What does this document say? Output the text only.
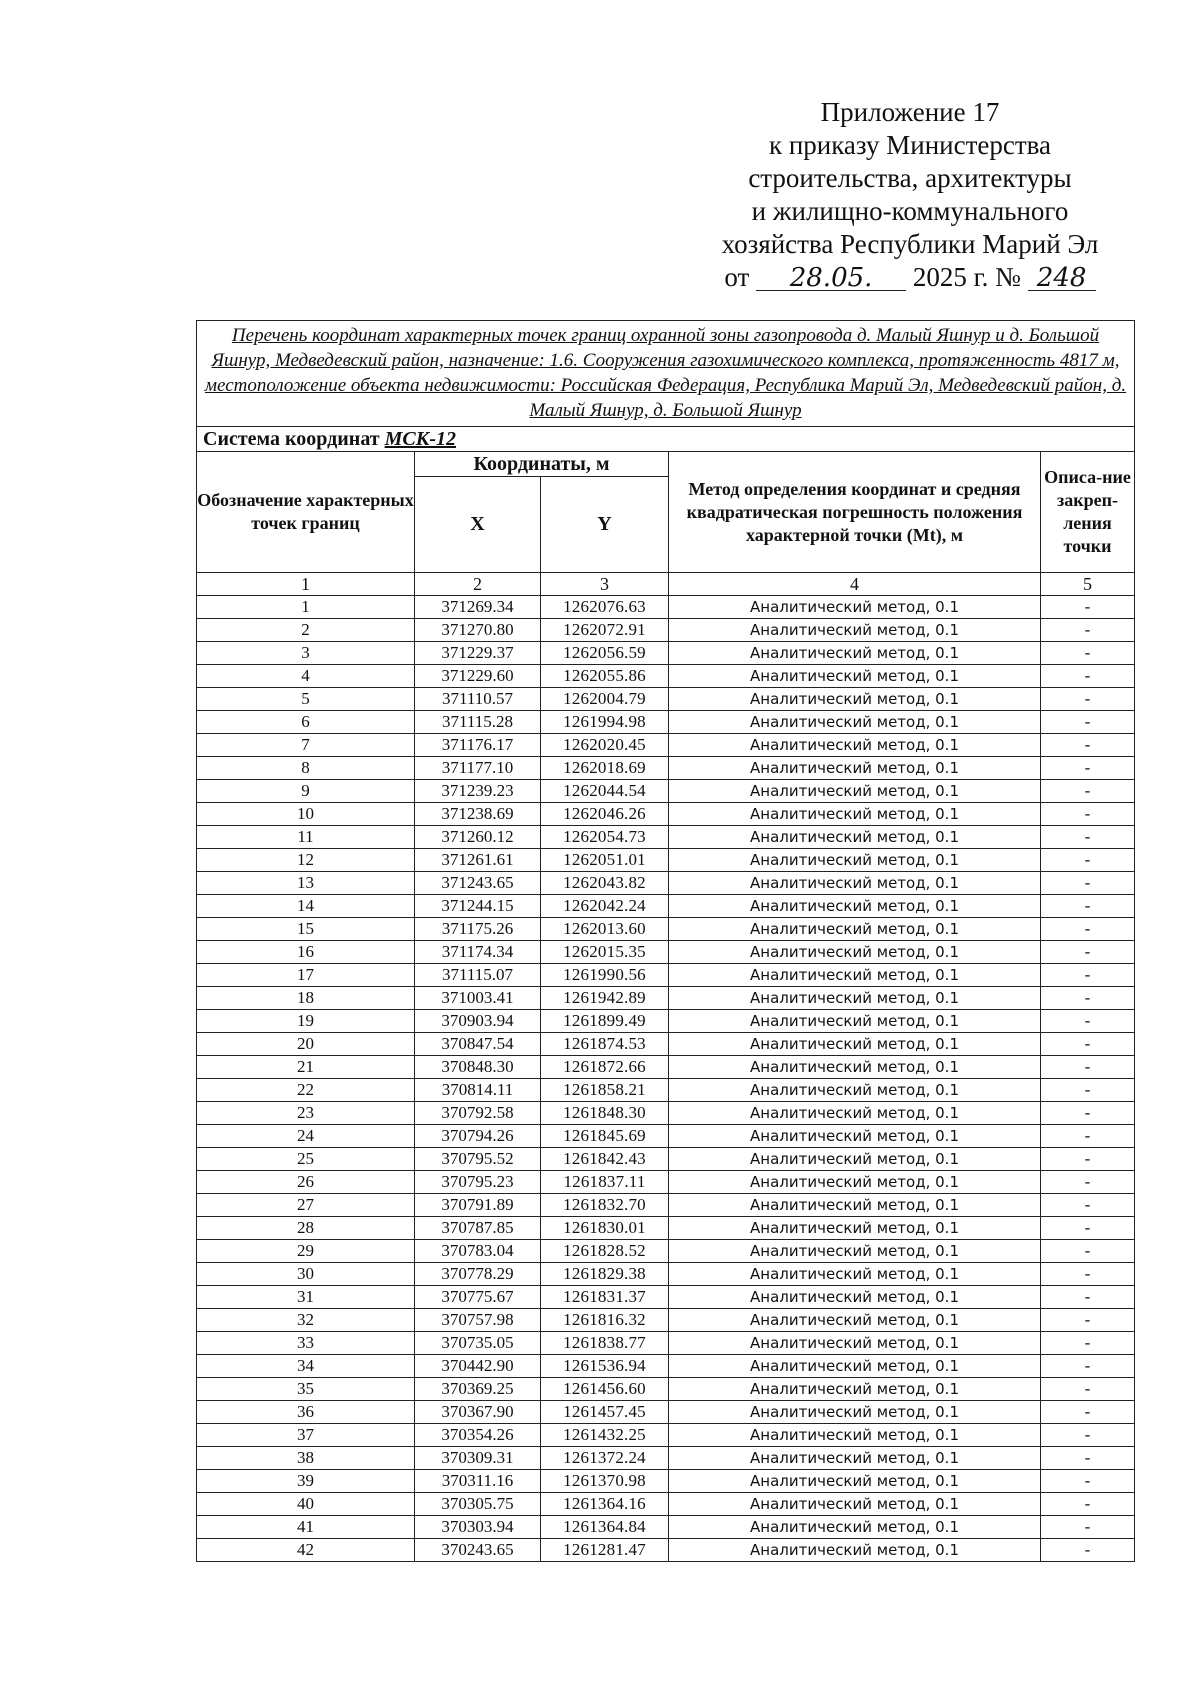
Приложение 17
к приказу Министерства
строительства, архитектуры
и жилищно-коммунального
хозяйства Республики Марий Эл
от 28.05. 2025 г. № 248
Перечень координат характерных точек границ охранной зоны газопровода д. Малый Яшнур и д. Большой Яшнур, Медведевский район, назначение: 1.6. Сооружения газохимического комплекса, протяженность 4817 м, местоположение объекта недвижимости: Российская Федерация, Республика Марий Эл, Медведевский район, д. Малый Яшнур, д. Большой Яшнур				
Система координат МСК-12				
Обозначение характерных точек границ	Координаты, м		Метод определения координат и средняя квадратическая погрешность положения характерной точки (Mt), м	Описа-ние закреп-ления точки
	X	Y		
1	2	3	4	5
1	371269.34	1262076.63	Аналитический метод, 0.1	-
2	371270.80	1262072.91	Аналитический метод, 0.1	-
3	371229.37	1262056.59	Аналитический метод, 0.1	-
4	371229.60	1262055.86	Аналитический метод, 0.1	-
5	371110.57	1262004.79	Аналитический метод, 0.1	-
6	371115.28	1261994.98	Аналитический метод, 0.1	-
7	371176.17	1262020.45	Аналитический метод, 0.1	-
8	371177.10	1262018.69	Аналитический метод, 0.1	-
9	371239.23	1262044.54	Аналитический метод, 0.1	-
10	371238.69	1262046.26	Аналитический метод, 0.1	-
11	371260.12	1262054.73	Аналитический метод, 0.1	-
12	371261.61	1262051.01	Аналитический метод, 0.1	-
13	371243.65	1262043.82	Аналитический метод, 0.1	-
14	371244.15	1262042.24	Аналитический метод, 0.1	-
15	371175.26	1262013.60	Аналитический метод, 0.1	-
16	371174.34	1262015.35	Аналитический метод, 0.1	-
17	371115.07	1261990.56	Аналитический метод, 0.1	-
18	371003.41	1261942.89	Аналитический метод, 0.1	-
19	370903.94	1261899.49	Аналитический метод, 0.1	-
20	370847.54	1261874.53	Аналитический метод, 0.1	-
21	370848.30	1261872.66	Аналитический метод, 0.1	-
22	370814.11	1261858.21	Аналитический метод, 0.1	-
23	370792.58	1261848.30	Аналитический метод, 0.1	-
24	370794.26	1261845.69	Аналитический метод, 0.1	-
25	370795.52	1261842.43	Аналитический метод, 0.1	-
26	370795.23	1261837.11	Аналитический метод, 0.1	-
27	370791.89	1261832.70	Аналитический метод, 0.1	-
28	370787.85	1261830.01	Аналитический метод, 0.1	-
29	370783.04	1261828.52	Аналитический метод, 0.1	-
30	370778.29	1261829.38	Аналитический метод, 0.1	-
31	370775.67	1261831.37	Аналитический метод, 0.1	-
32	370757.98	1261816.32	Аналитический метод, 0.1	-
33	370735.05	1261838.77	Аналитический метод, 0.1	-
34	370442.90	1261536.94	Аналитический метод, 0.1	-
35	370369.25	1261456.60	Аналитический метод, 0.1	-
36	370367.90	1261457.45	Аналитический метод, 0.1	-
37	370354.26	1261432.25	Аналитический метод, 0.1	-
38	370309.31	1261372.24	Аналитический метод, 0.1	-
39	370311.16	1261370.98	Аналитический метод, 0.1	-
40	370305.75	1261364.16	Аналитический метод, 0.1	-
41	370303.94	1261364.84	Аналитический метод, 0.1	-
42	370243.65	1261281.47	Аналитический метод, 0.1	-
